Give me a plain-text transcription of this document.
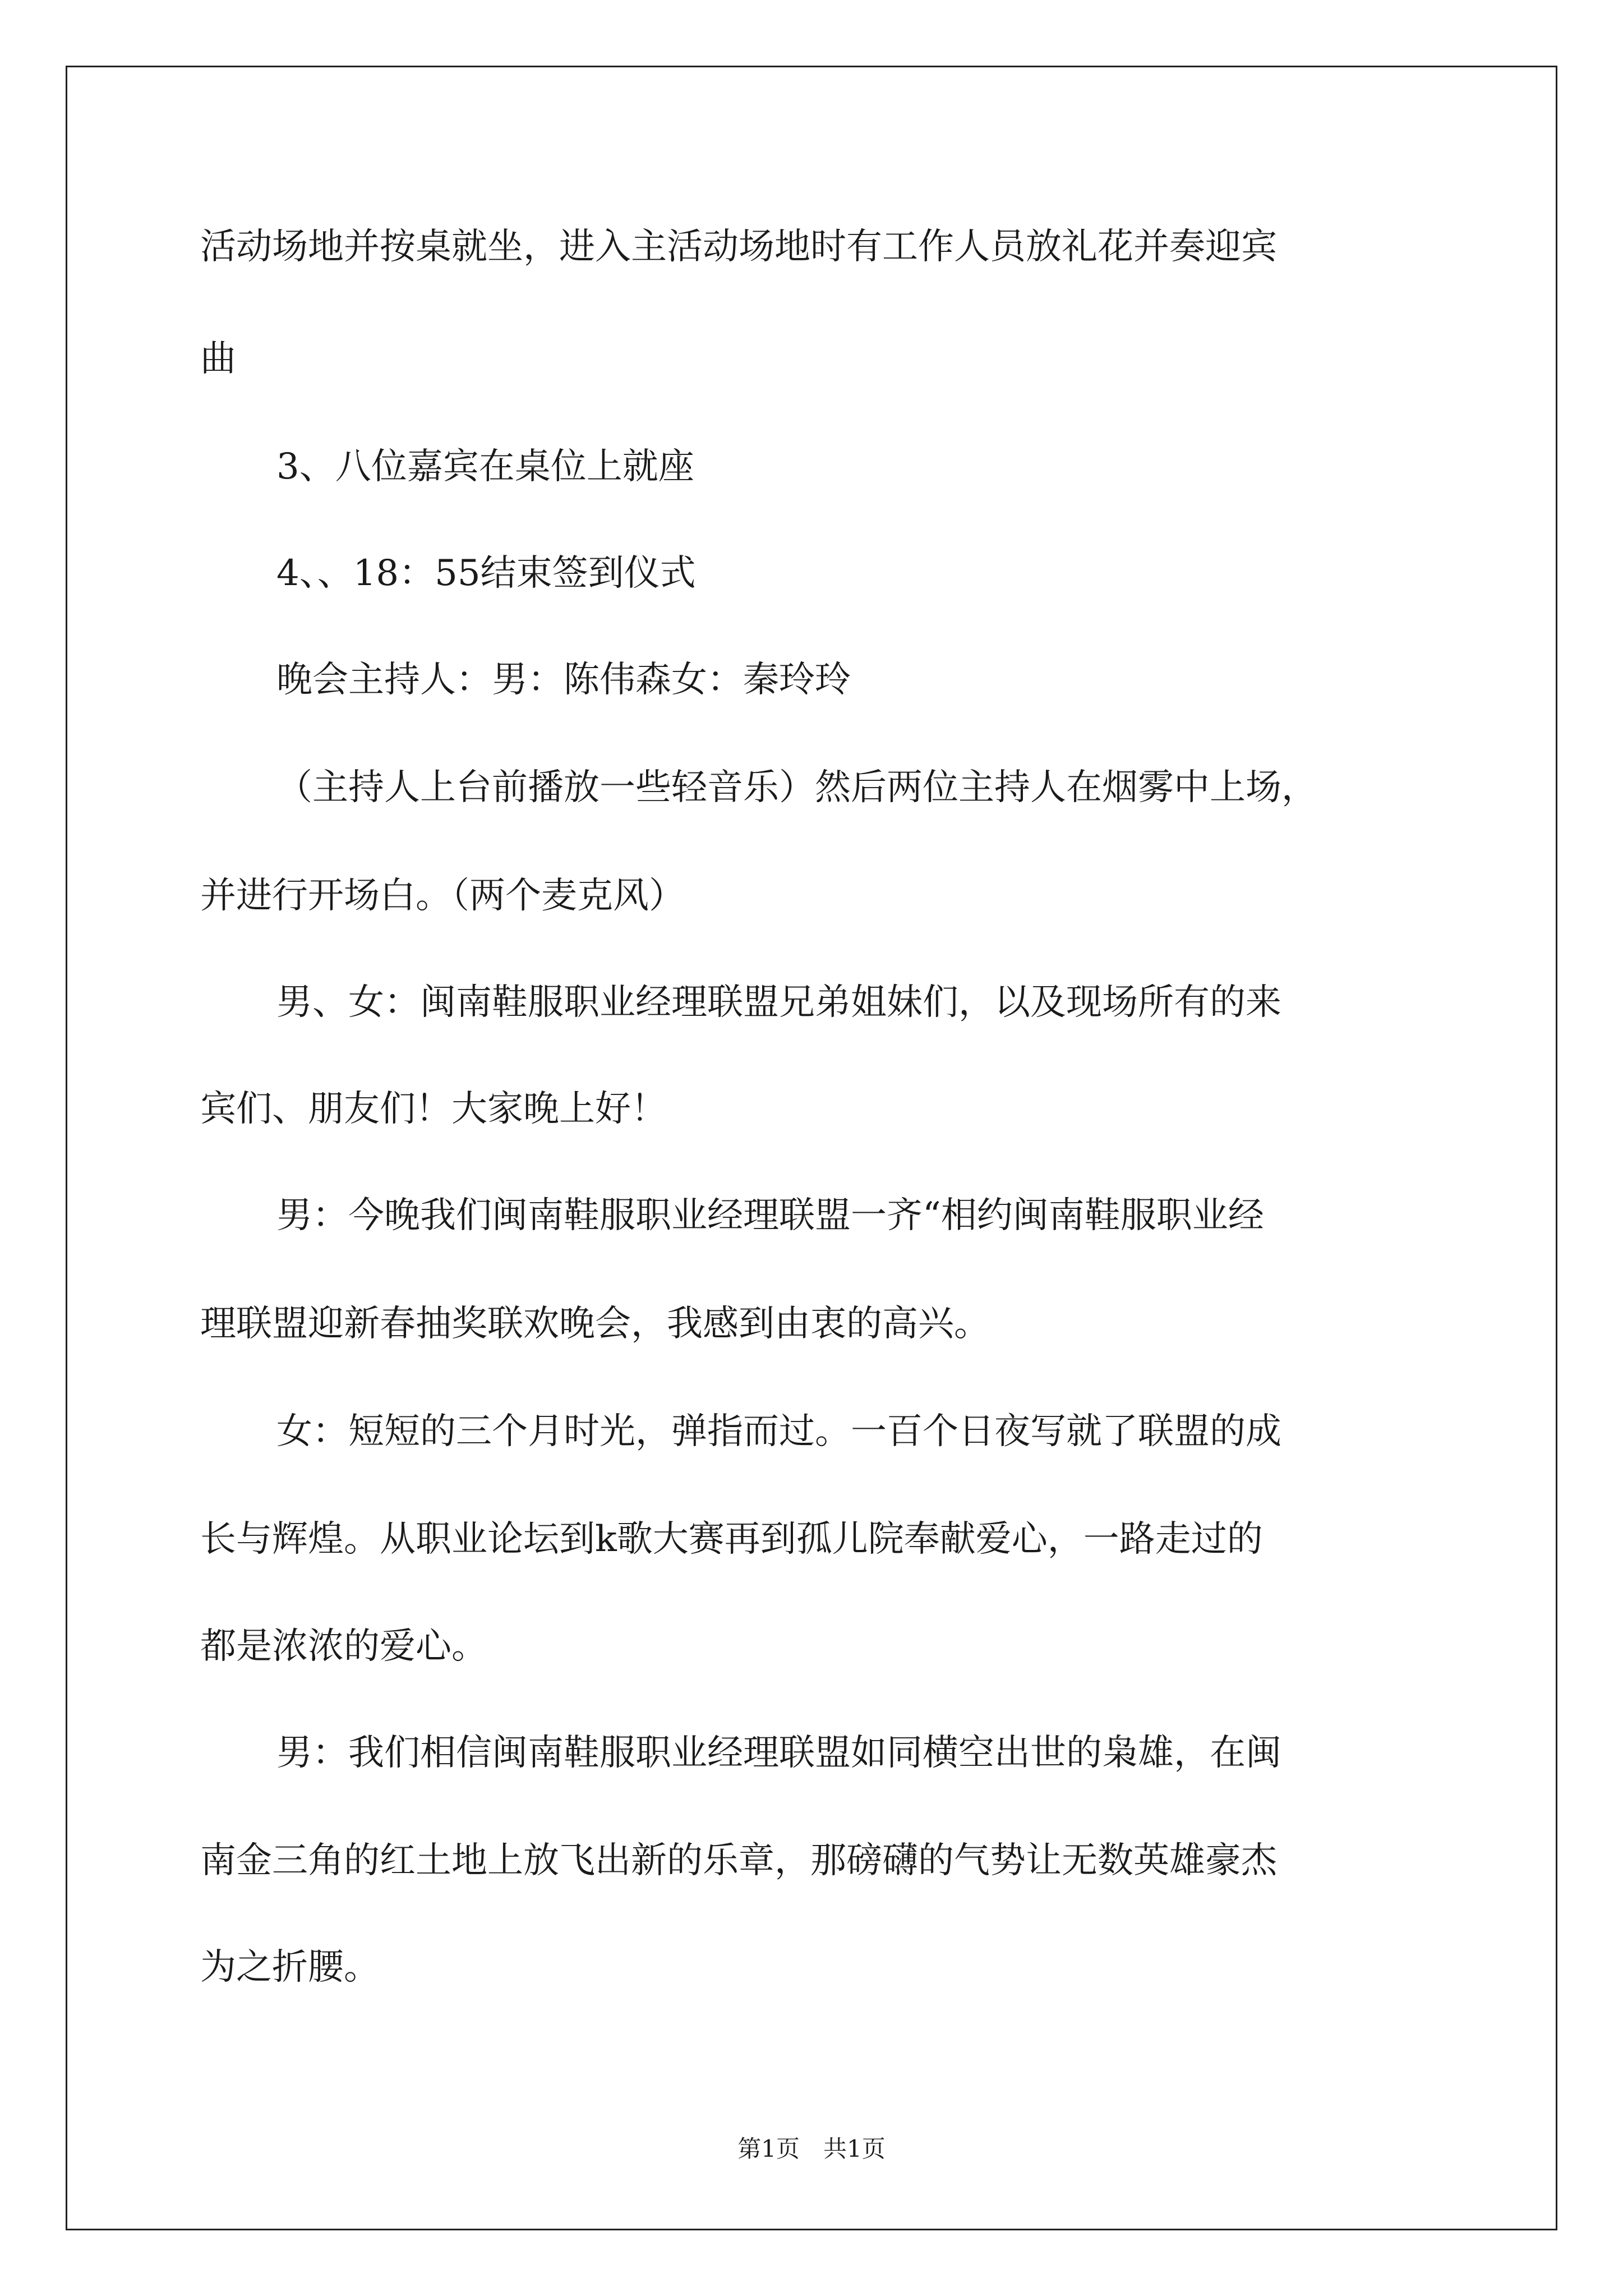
活动场地并按桌就坐，进入主活动场地时有工作人员放礼花并奏迎宾
曲
3、八位嘉宾在桌位上就座
4、、18：55结束签到仪式
晚会主持人：男：陈伟森女：秦玲玲
（主持人上台前播放一些轻音乐）然后两位主持人在烟雾中上场，
并进行开场白。（两个麦克风）
男、女：闽南鞋服职业经理联盟兄弟姐妹们，以及现场所有的来
宾们、朋友们！大家晚上好！
男：今晚我们闽南鞋服职业经理联盟一齐“相约闽南鞋服职业经
理联盟迎新春抽奖联欢晚会，我感到由衷的高兴。
女：短短的三个月时光，弹指而过。一百个日夜写就了联盟的成
长与辉煌。从职业论坛到k歌大赛再到孤儿院奉献爱心，一路走过的
都是浓浓的爱心。
男：我们相信闽南鞋服职业经理联盟如同横空出世的枭雄，在闽
南金三角的红土地上放飞出新的乐章，那磅礴的气势让无数英雄豪杰
为之折腰。
第1页　共1页
